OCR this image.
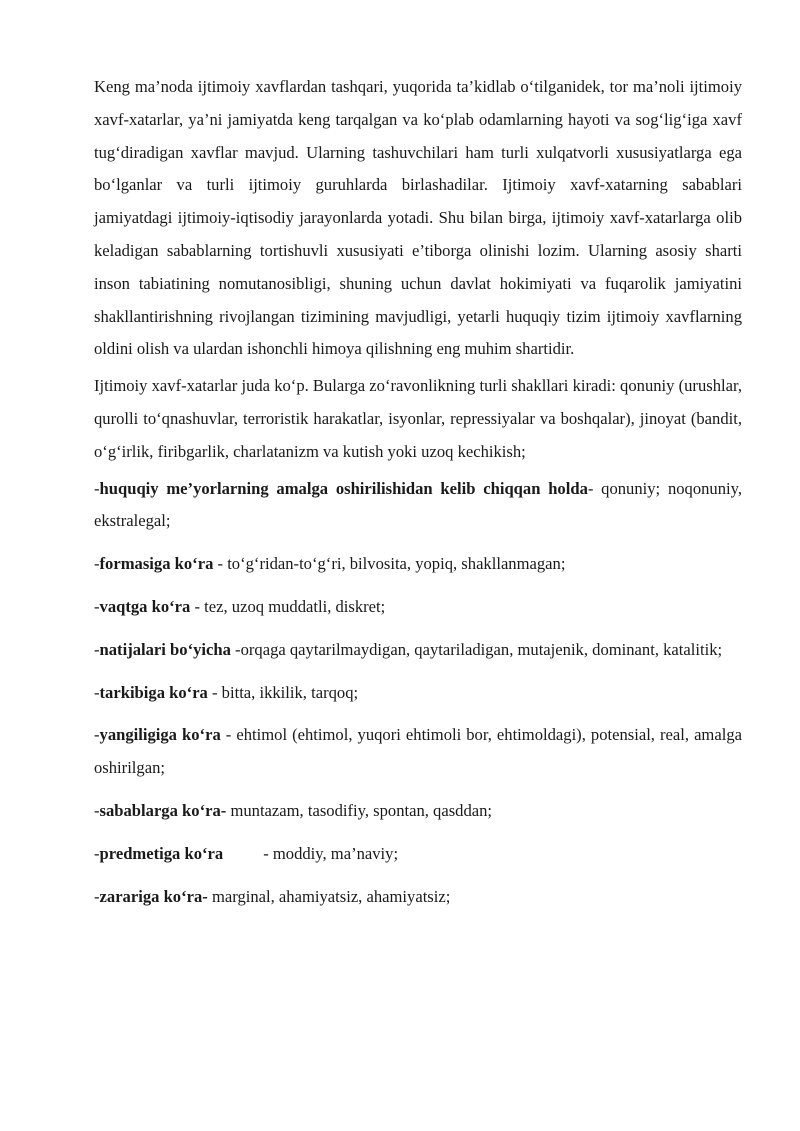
Keng ma’noda ijtimoiy xavflardan tashqari, yuqorida ta’kidlab o‘tilganidek, tor ma’noli ijtimoiy xavf-xatarlar, ya’ni jamiyatda keng tarqalgan va ko‘plab odamlarning hayoti va sog‘lig‘iga xavf tug‘diradigan xavflar mavjud. Ularning tashuvchilari ham turli xulqatvorli xususiyatlarga ega bo‘lganlar va turli ijtimoiy guruhlarda birlashadilar. Ijtimoiy xavf-xatarning sabablari jamiyatdagi ijtimoiy-iqtisodiy jarayonlarda yotadi. Shu bilan birga, ijtimoiy xavf-xatarlarga olib keladigan sabablarning tortishuvli xususiyati e’tiborga olinishi lozim. Ularning asosiy sharti inson tabiatining nomutanosibligi, shuning uchun davlat hokimiyati va fuqarolik jamiyatini shakllantirishning rivojlangan tizimining mavjudligi, yetarli huquqiy tizim ijtimoiy xavflarning oldini olish va ulardan ishonchli himoya qilishning eng muhim shartidir.

Ijtimoiy xavf-xatarlar juda ko‘p. Bularga zo‘ravonlikning turli shakllari kiradi: qonuniy (urushlar, qurolli to‘qnashuvlar, terroristik harakatlar, isyonlar, repressiyalar va boshqalar), jinoyat (bandit, o‘g‘irlik, firibgarlik, charlatanizm va kutish yoki uzoq kechikish;

-huquqiy me’yorlarning amalga oshirilishidan kelib chiqqan holda- qonuniy; noqonuniy, ekstralegal;

-formasiga ko‘ra - to‘g‘ridan-to‘g‘ri, bilvosita, yopiq, shakllanmagan;

-vaqtga ko‘ra - tez, uzoq muddatli, diskret;

-natijalari bo‘yicha -orqaga qaytarilmaydigan, qaytariladigan, mutajenik, dominant, katalitik;

-tarkibiga ko‘ra - bitta, ikkilik, tarqoq;

-yangiligiga ko‘ra - ehtimol (ehtimol, yuqori ehtimoli bor, ehtimoldagi), potensial, real, amalga oshirilgan;

-sabablarga ko‘ra- muntazam, tasodifiy, spontan, qasddan;

-predmetiga ko‘ra - moddiy, ma’naviy;

-zarariga ko‘ra- marginal, ahamiyatsiz, ahamiyatsiz;
